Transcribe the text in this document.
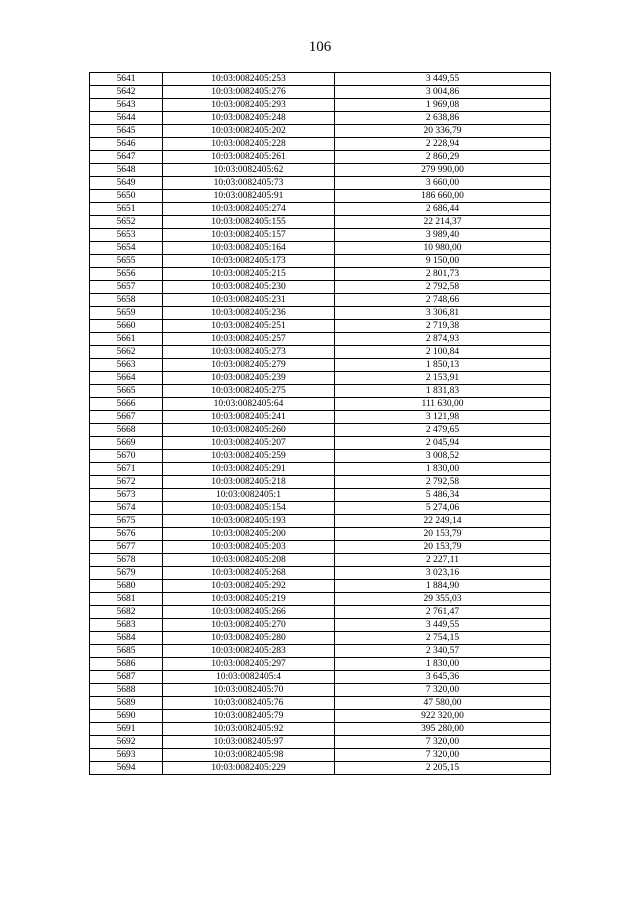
106
5641	10:03:0082405:253	3 449,55
5642	10:03:0082405:276	3 004,86
5643	10:03:0082405:293	1 969,08
5644	10:03:0082405:248	2 638,86
5645	10:03:0082405:202	20 336,79
5646	10:03:0082405:228	2 228,94
5647	10:03:0082405:261	2 860,29
5648	10:03:0082405:62	279 990,00
5649	10:03:0082405:73	3 660,00
5650	10:03:0082405:91	186 660,00
5651	10:03:0082405:274	2 686,44
5652	10:03:0082405:155	22 214,37
5653	10:03:0082405:157	3 989,40
5654	10:03:0082405:164	10 980,00
5655	10:03:0082405:173	9 150,00
5656	10:03:0082405:215	2 801,73
5657	10:03:0082405:230	2 792,58
5658	10:03:0082405:231	2 748,66
5659	10:03:0082405:236	3 306,81
5660	10:03:0082405:251	2 719,38
5661	10:03:0082405:257	2 874,93
5662	10:03:0082405:273	2 100,84
5663	10:03:0082405:279	1 850,13
5664	10:03:0082405:239	2 153,91
5665	10:03:0082405:275	1 831,83
5666	10:03:0082405:64	111 630,00
5667	10:03:0082405:241	3 121,98
5668	10:03:0082405:260	2 479,65
5669	10:03:0082405:207	2 045,94
5670	10:03:0082405:259	3 008,52
5671	10:03:0082405:291	1 830,00
5672	10:03:0082405:218	2 792,58
5673	10:03:0082405:1	5 486,34
5674	10:03:0082405:154	5 274,06
5675	10:03:0082405:193	22 249,14
5676	10:03:0082405:200	20 153,79
5677	10:03:0082405:203	20 153,79
5678	10:03:0082405:208	2 227,11
5679	10:03:0082405:268	3 023,16
5680	10:03:0082405:292	1 884,90
5681	10:03:0082405:219	29 355,03
5682	10:03:0082405:266	2 761,47
5683	10:03:0082405:270	3 449,55
5684	10:03:0082405:280	2 754,15
5685	10:03:0082405:283	2 340,57
5686	10:03:0082405:297	1 830,00
5687	10:03:0082405:4	3 645,36
5688	10:03:0082405:70	7 320,00
5689	10:03:0082405:76	47 580,00
5690	10:03:0082405:79	922 320,00
5691	10:03:0082405:92	395 280,00
5692	10:03:0082405:97	7 320,00
5693	10:03:0082405:98	7 320,00
5694	10:03:0082405:229	2 205,15
